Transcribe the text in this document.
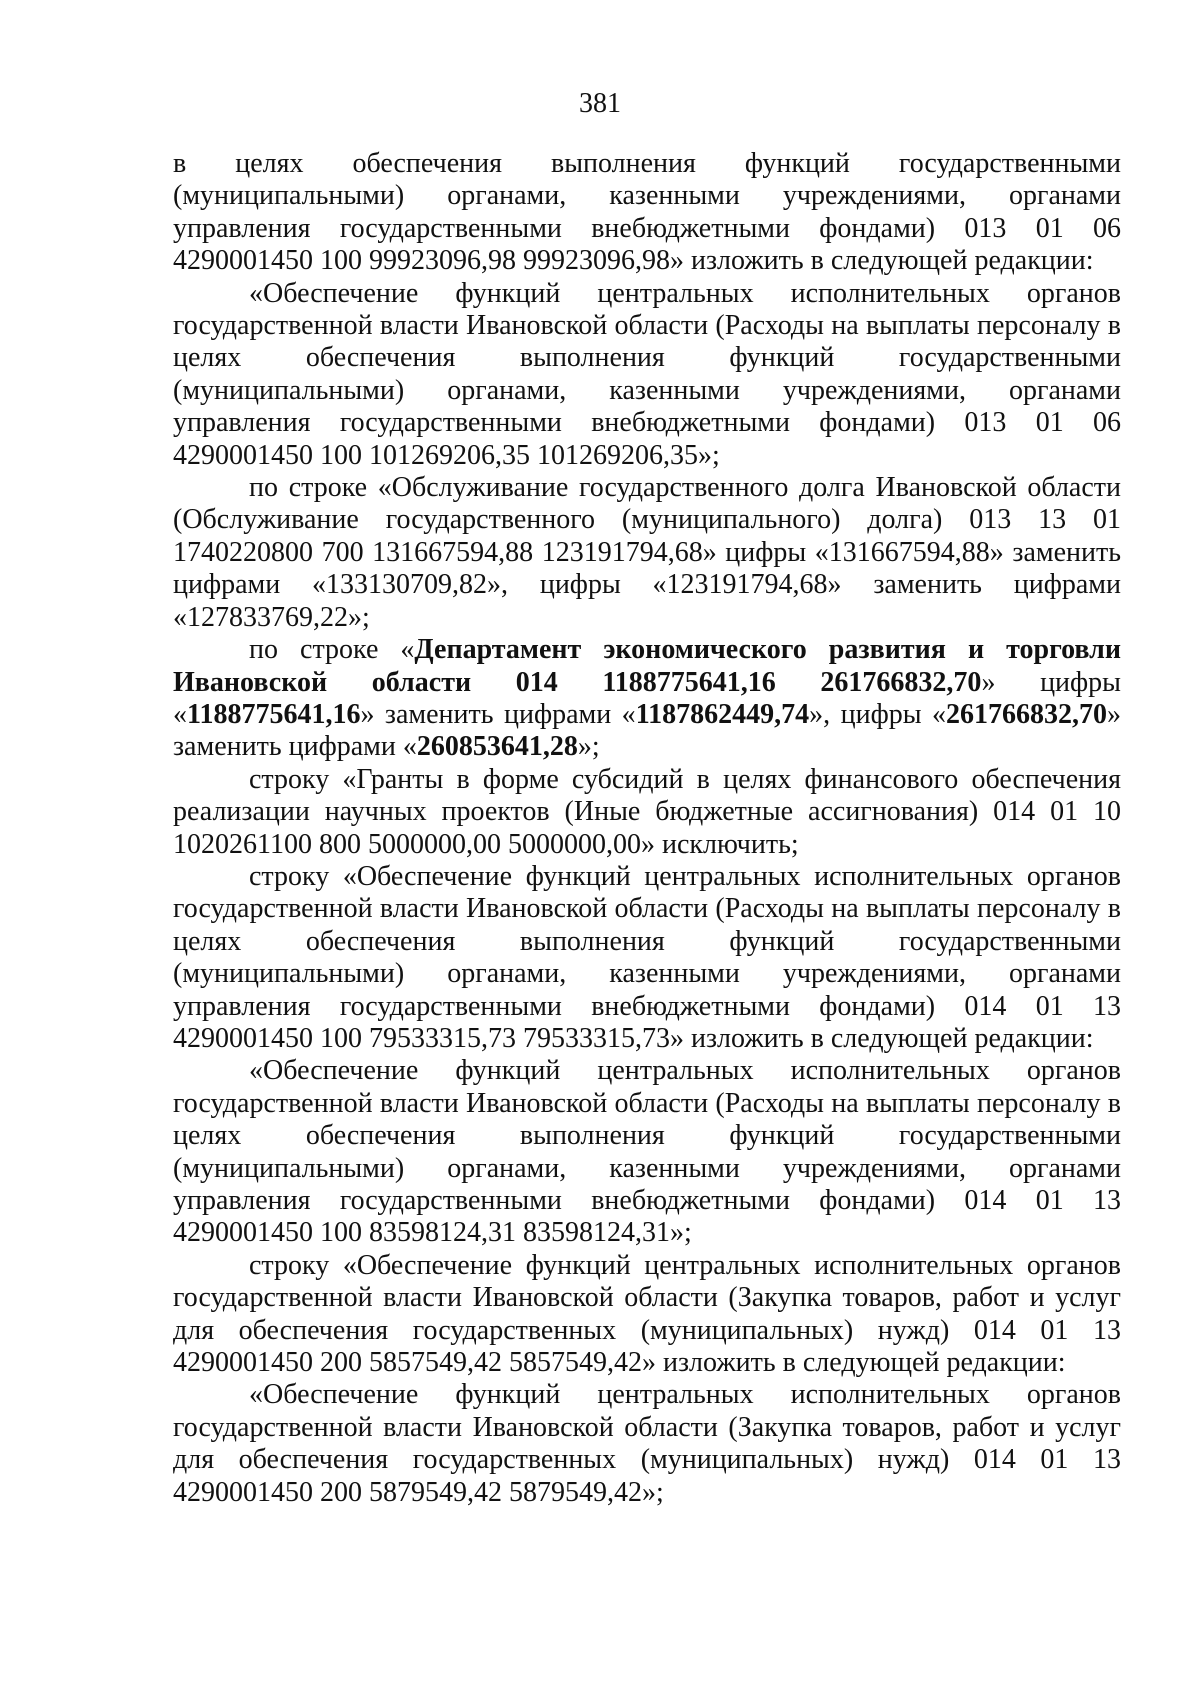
381

в целях обеспечения выполнения функций государственными (муниципальными) органами, казенными учреждениями, органами управления государственными внебюджетными фондами) 013 01 06 4290001450 100 99923096,98 99923096,98» изложить в следующей редакции:

«Обеспечение функций центральных исполнительных органов государственной власти Ивановской области (Расходы на выплаты персоналу в целях обеспечения выполнения функций государственными (муниципальными) органами, казенными учреждениями, органами управления государственными внебюджетными фондами) 013 01 06 4290001450 100 101269206,35 101269206,35»;

по строке «Обслуживание государственного долга Ивановской области (Обслуживание государственного (муниципального) долга) 013 13 01 1740220800 700 131667594,88 123191794,68» цифры «131667594,88» заменить цифрами «133130709,82», цифры «123191794,68» заменить цифрами «127833769,22»;

по строке «Департамент экономического развития и торговли Ивановской области 014 1188775641,16 261766832,70» цифры «1188775641,16» заменить цифрами «1187862449,74», цифры «261766832,70» заменить цифрами «260853641,28»;

строку «Гранты в форме субсидий в целях финансового обеспечения реализации научных проектов (Иные бюджетные ассигнования) 014 01 10 1020261100 800 5000000,00 5000000,00» исключить;

строку «Обеспечение функций центральных исполнительных органов государственной власти Ивановской области (Расходы на выплаты персоналу в целях обеспечения выполнения функций государственными (муниципальными) органами, казенными учреждениями, органами управления государственными внебюджетными фондами) 014 01 13 4290001450 100 79533315,73 79533315,73» изложить в следующей редакции:

«Обеспечение функций центральных исполнительных органов государственной власти Ивановской области (Расходы на выплаты персоналу в целях обеспечения выполнения функций государственными (муниципальными) органами, казенными учреждениями, органами управления государственными внебюджетными фондами) 014 01 13 4290001450 100 83598124,31 83598124,31»;

строку «Обеспечение функций центральных исполнительных органов государственной власти Ивановской области (Закупка товаров, работ и услуг для обеспечения государственных (муниципальных) нужд) 014 01 13 4290001450 200 5857549,42 5857549,42» изложить в следующей редакции:

«Обеспечение функций центральных исполнительных органов государственной власти Ивановской области (Закупка товаров, работ и услуг для обеспечения государственных (муниципальных) нужд) 014 01 13 4290001450 200 5879549,42 5879549,42»;
